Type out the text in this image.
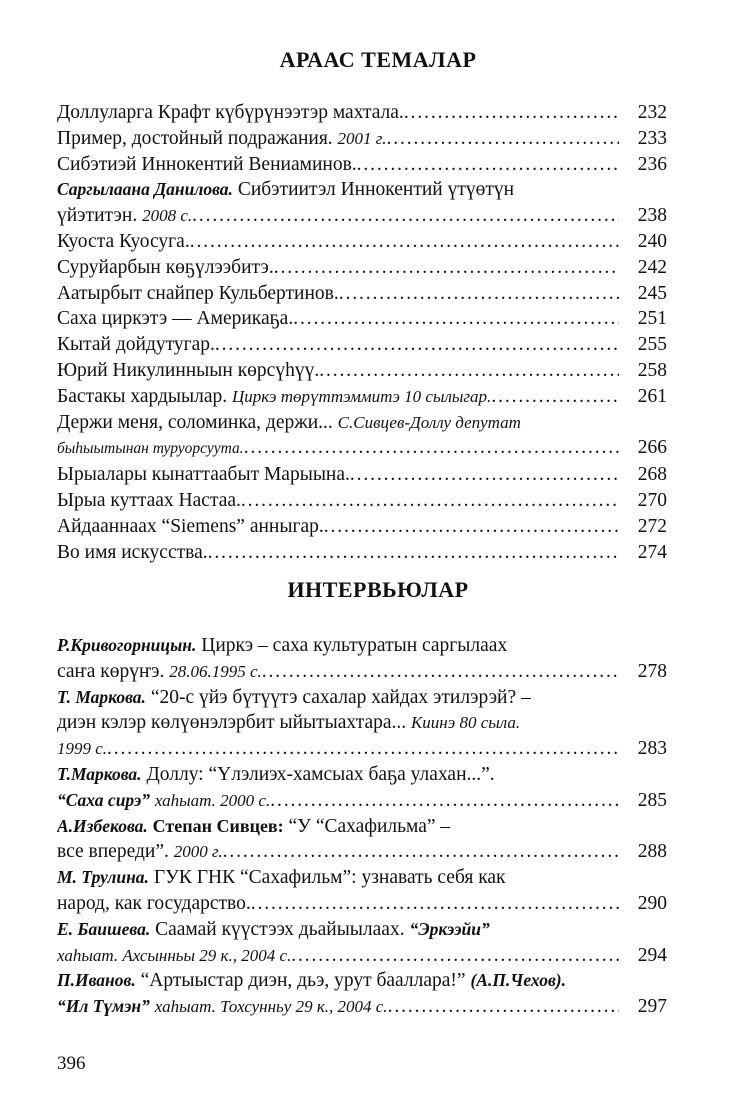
АРААС ТЕМАЛАР
Доллуларга Крафт күбүрүнээтэр махтала. . . .	232
Пример, достойный подражания. 2001 г. . . .	233
Сибэтиэй Иннокентий Вениаминов. . . .	236
Саргылаана Данилова. Сибэтиитэл Иннокентий үтүөтүн
үйэтитэн. 2008 с. . . .	238
Куоста Куосуга. . . .	240
Суруйарбын көҕүлээбитэ. . . .	242
Аатырбыт снайпер Кульбертинов. . . .	245
Саха циркэтэ — Америкаҕа. . . .	251
Кытай дойдутугар. . . .	255
Юрий Никулинныын көрсүһүү. . . .	258
Бастакы хардыылар. Циркэ төрүттэммитэ 10 сылыгар. . . .	261
Держи меня, соломинка, держи... С.Сивцев-Доллу депутат
быһыытынан туруорсуута. . . .	266
Ырыалары кынаттаабыт Марыына. . . .	268
Ырыа куттаах Настаа. . . .	270
Айдааннаах “Siemens” анныгар. . . .	272
Во имя искусства. . . .	274
ИНТЕРВЬЮЛАР
Р.Кривогорницын. Циркэ – саха культуратын саргылаах
саҥа көрүҥэ. 28.06.1995 с. . . .	278
Т. Маркова. “20-с үйэ бүтүүтэ сахалар хайдах этилэрэй? –
диэн кэлэр көлүөнэлэрбит ыйытыахтара... Киинэ 80 сыла.
1999 с. . . .	283
Т.Маркова. Доллу: “Үлэлиэх-хамсыах баҕа улахан...”.
“Саха сирэ” хаһыат. 2000 с. . . .	285
А.Избекова. Степан Сивцев: “У “Сахафильма” –
все впереди”. 2000 г. . . .	288
М. Трулина. ГУК ГНК “Сахафильм”: узнавать себя как
народ, как государство. . . .	290
Е. Баишева. Саамай күүстээх дьайыылаах. “Эркээйи”
хаһыат. Ахсынньы 29 к., 2004 с. . . .	294
П.Иванов. “Артыыстар диэн, дьэ, урут бааллара!” (А.П.Чехов).
“Ил Түмэн” хаһыат. Тохсунньу 29 к., 2004 с. . . .	297
396
